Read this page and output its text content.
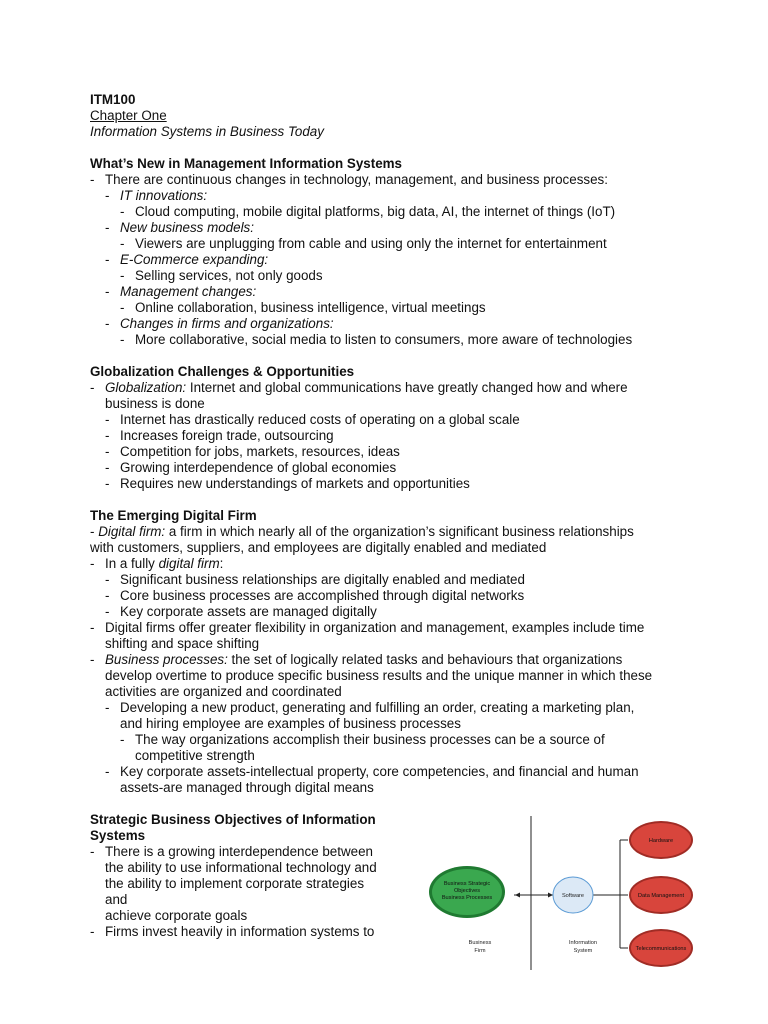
ITM100

Chapter One

Information Systems in Business Today

What’s New in Management Information Systems

- There are continuous changes in technology, management, and business processes:
- IT innovations:
- Cloud computing, mobile digital platforms, big data, AI, the internet of things (IoT)
- New business models:
- Viewers are unplugging from cable and using only the internet for entertainment
- E-Commerce expanding:
- Selling services, not only goods
- Management changes:
- Online collaboration, business intelligence, virtual meetings
- Changes in firms and organizations:
- More collaborative, social media to listen to consumers, more aware of technologies

Globalization Challenges & Opportunities

- Globalization: Internet and global communications have greatly changed how and where
business is done
- Internet has drastically reduced costs of operating on a global scale
- Increases foreign trade, outsourcing
- Competition for jobs, markets, resources, ideas
- Growing interdependence of global economies
- Requires new understandings of markets and opportunities

The Emerging Digital Firm

- Digital firm: a firm in which nearly all of the organization’s significant business relationships
with customers, suppliers, and employees are digitally enabled and mediated

- In a fully digital firm:
- Significant business relationships are digitally enabled and mediated
- Core business processes are accomplished through digital networks
- Key corporate assets are managed digitally
- Digital firms offer greater flexibility in organization and management, examples include time
shifting and space shifting
- Business processes: the set of logically related tasks and behaviours that organizations
develop overtime to produce specific business results and the unique manner in which these
activities are organized and coordinated
- Developing a new product, generating and fulfilling an order, creating a marketing plan,
and hiring employee are examples of business processes
- The way organizations accomplish their business processes can be a source of
competitive strength
- Key corporate assets-intellectual property, core competencies, and financial and human
assets-are managed through digital means

Strategic Business Objectives of Information
Systems

- There is a growing interdependence between
the ability to use informational technology and
the ability to implement corporate strategies and
achieve corporate goals
- Firms invest heavily in information systems to
Business Strategic
Objectives
Business Processes	Software
Hardware
Data Management
Telecommunications
Business
Firm
Information
System
